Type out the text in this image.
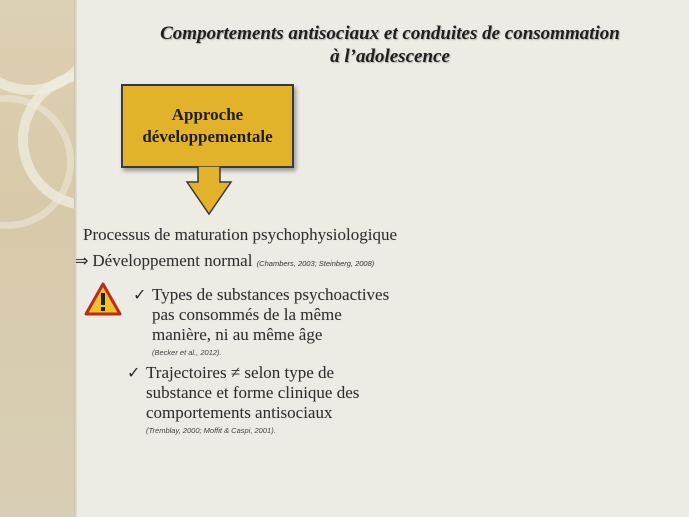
Comportements antisociaux et conduites de consommation
à l’adolescence
Approche
développementale
Processus de maturation psychophysiologique
⇒ Développement normal (Chambers, 2003; Steinberg, 2008)
✓ Types de substances psychoactives
pas consommés de la même
manière, ni au même âge
(Becker et al., 2012).
✓ Trajectoires ≠ selon type de
substance et forme clinique des
comportements antisociaux
(Tremblay, 2000; Moffit & Caspi, 2001).
